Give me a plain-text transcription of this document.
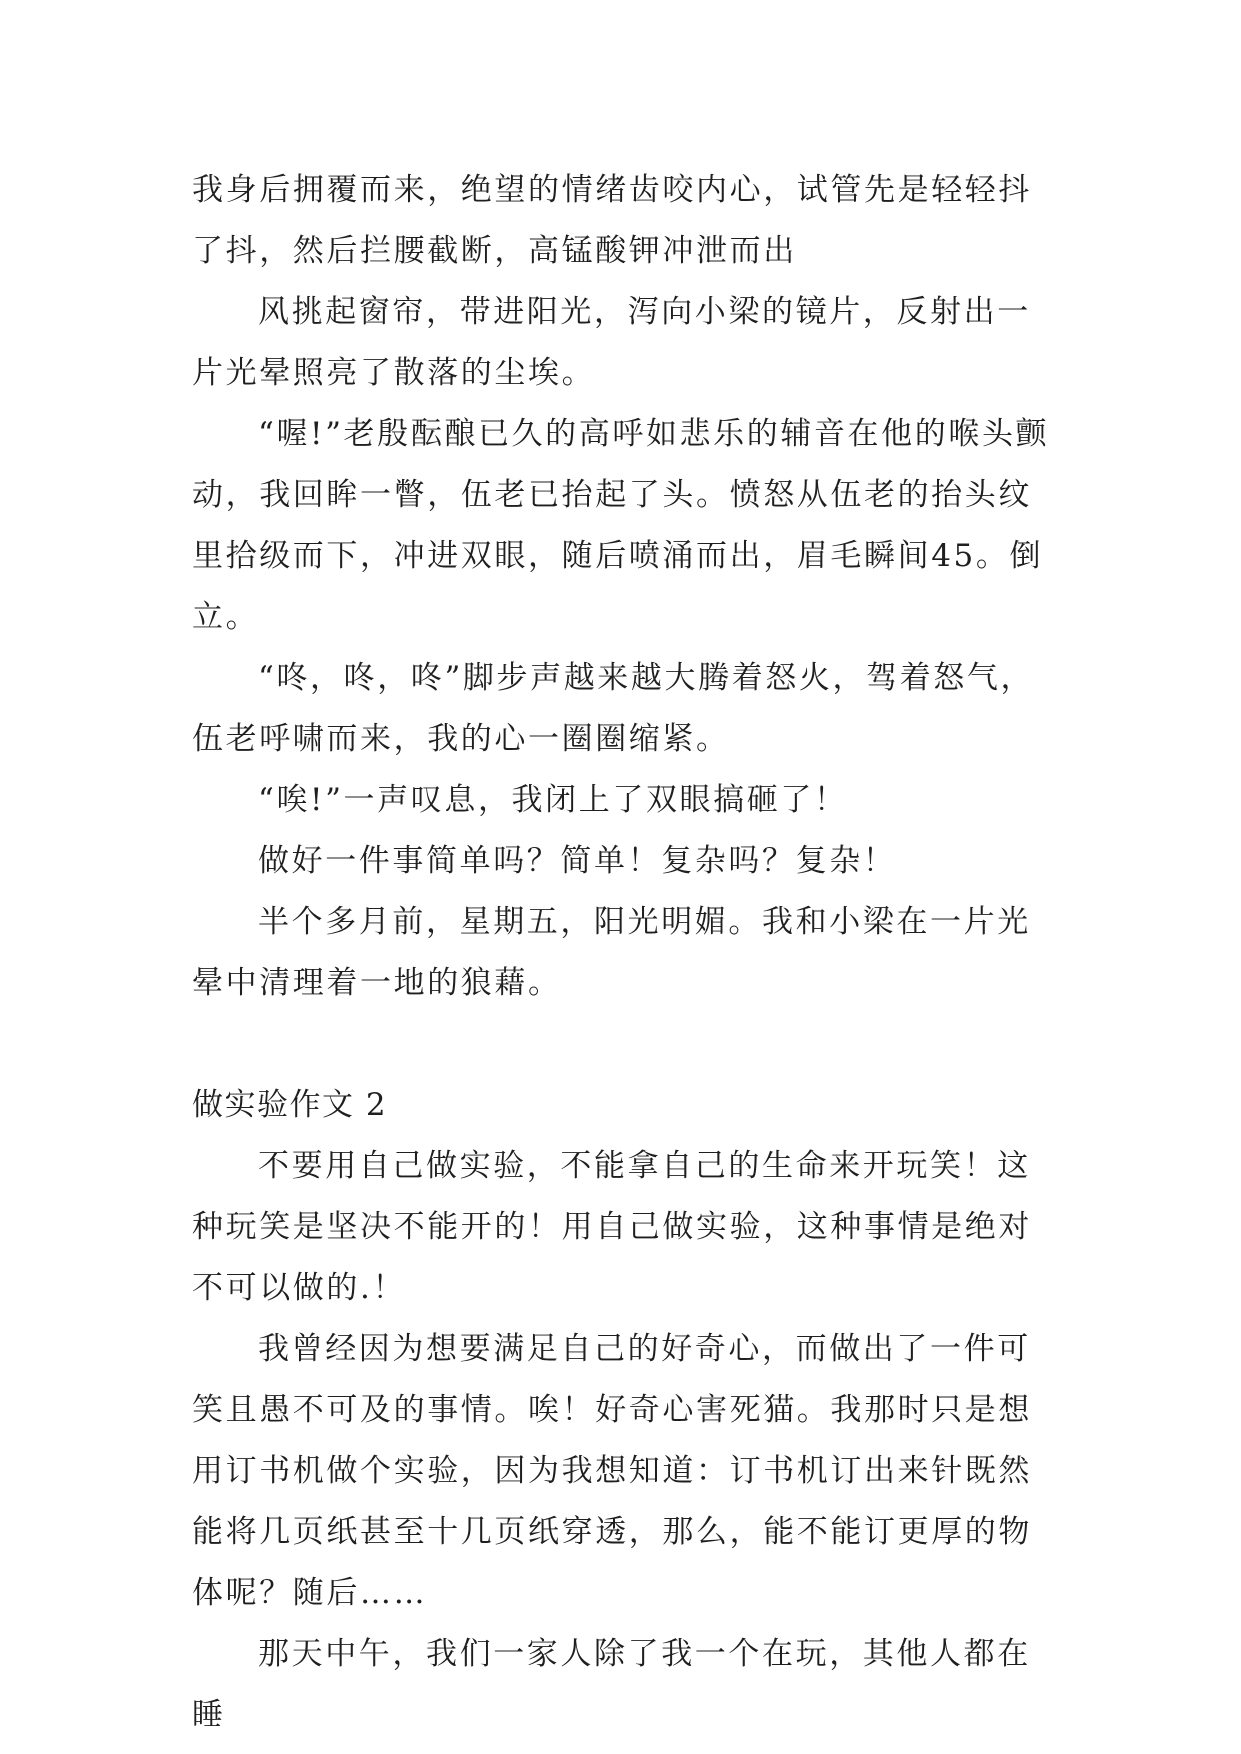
我身后拥覆而来，绝望的情绪齿咬内心，试管先是轻轻抖了抖，然后拦腰截断，高锰酸钾冲泄而出

风挑起窗帘，带进阳光，泻向小梁的镜片，反射出一片光晕照亮了散落的尘埃。

“喔!”老殷酝酿已久的高呼如悲乐的辅音在他的喉头颤动，我回眸一瞥，伍老已抬起了头。愤怒从伍老的抬头纹里拾级而下，冲进双眼，随后喷涌而出，眉毛瞬间45。倒立。

“咚，咚，咚”脚步声越来越大腾着怒火，驾着怒气，伍老呼啸而来，我的心一圈圈缩紧。

“唉!”一声叹息，我闭上了双眼搞砸了！

做好一件事简单吗？简单！复杂吗？复杂！

半个多月前，星期五，阳光明媚。我和小梁在一片光晕中清理着一地的狼藉。

做实验作文 2

不要用自己做实验，不能拿自己的生命来开玩笑！这种玩笑是坚决不能开的！用自己做实验，这种事情是绝对不可以做的.！

我曾经因为想要满足自己的好奇心，而做出了一件可笑且愚不可及的事情。唉！好奇心害死猫。我那时只是想用订书机做个实验，因为我想知道：订书机订出来针既然能将几页纸甚至十几页纸穿透，那么，能不能订更厚的物体呢？随后……

那天中午，我们一家人除了我一个在玩，其他人都在睡
